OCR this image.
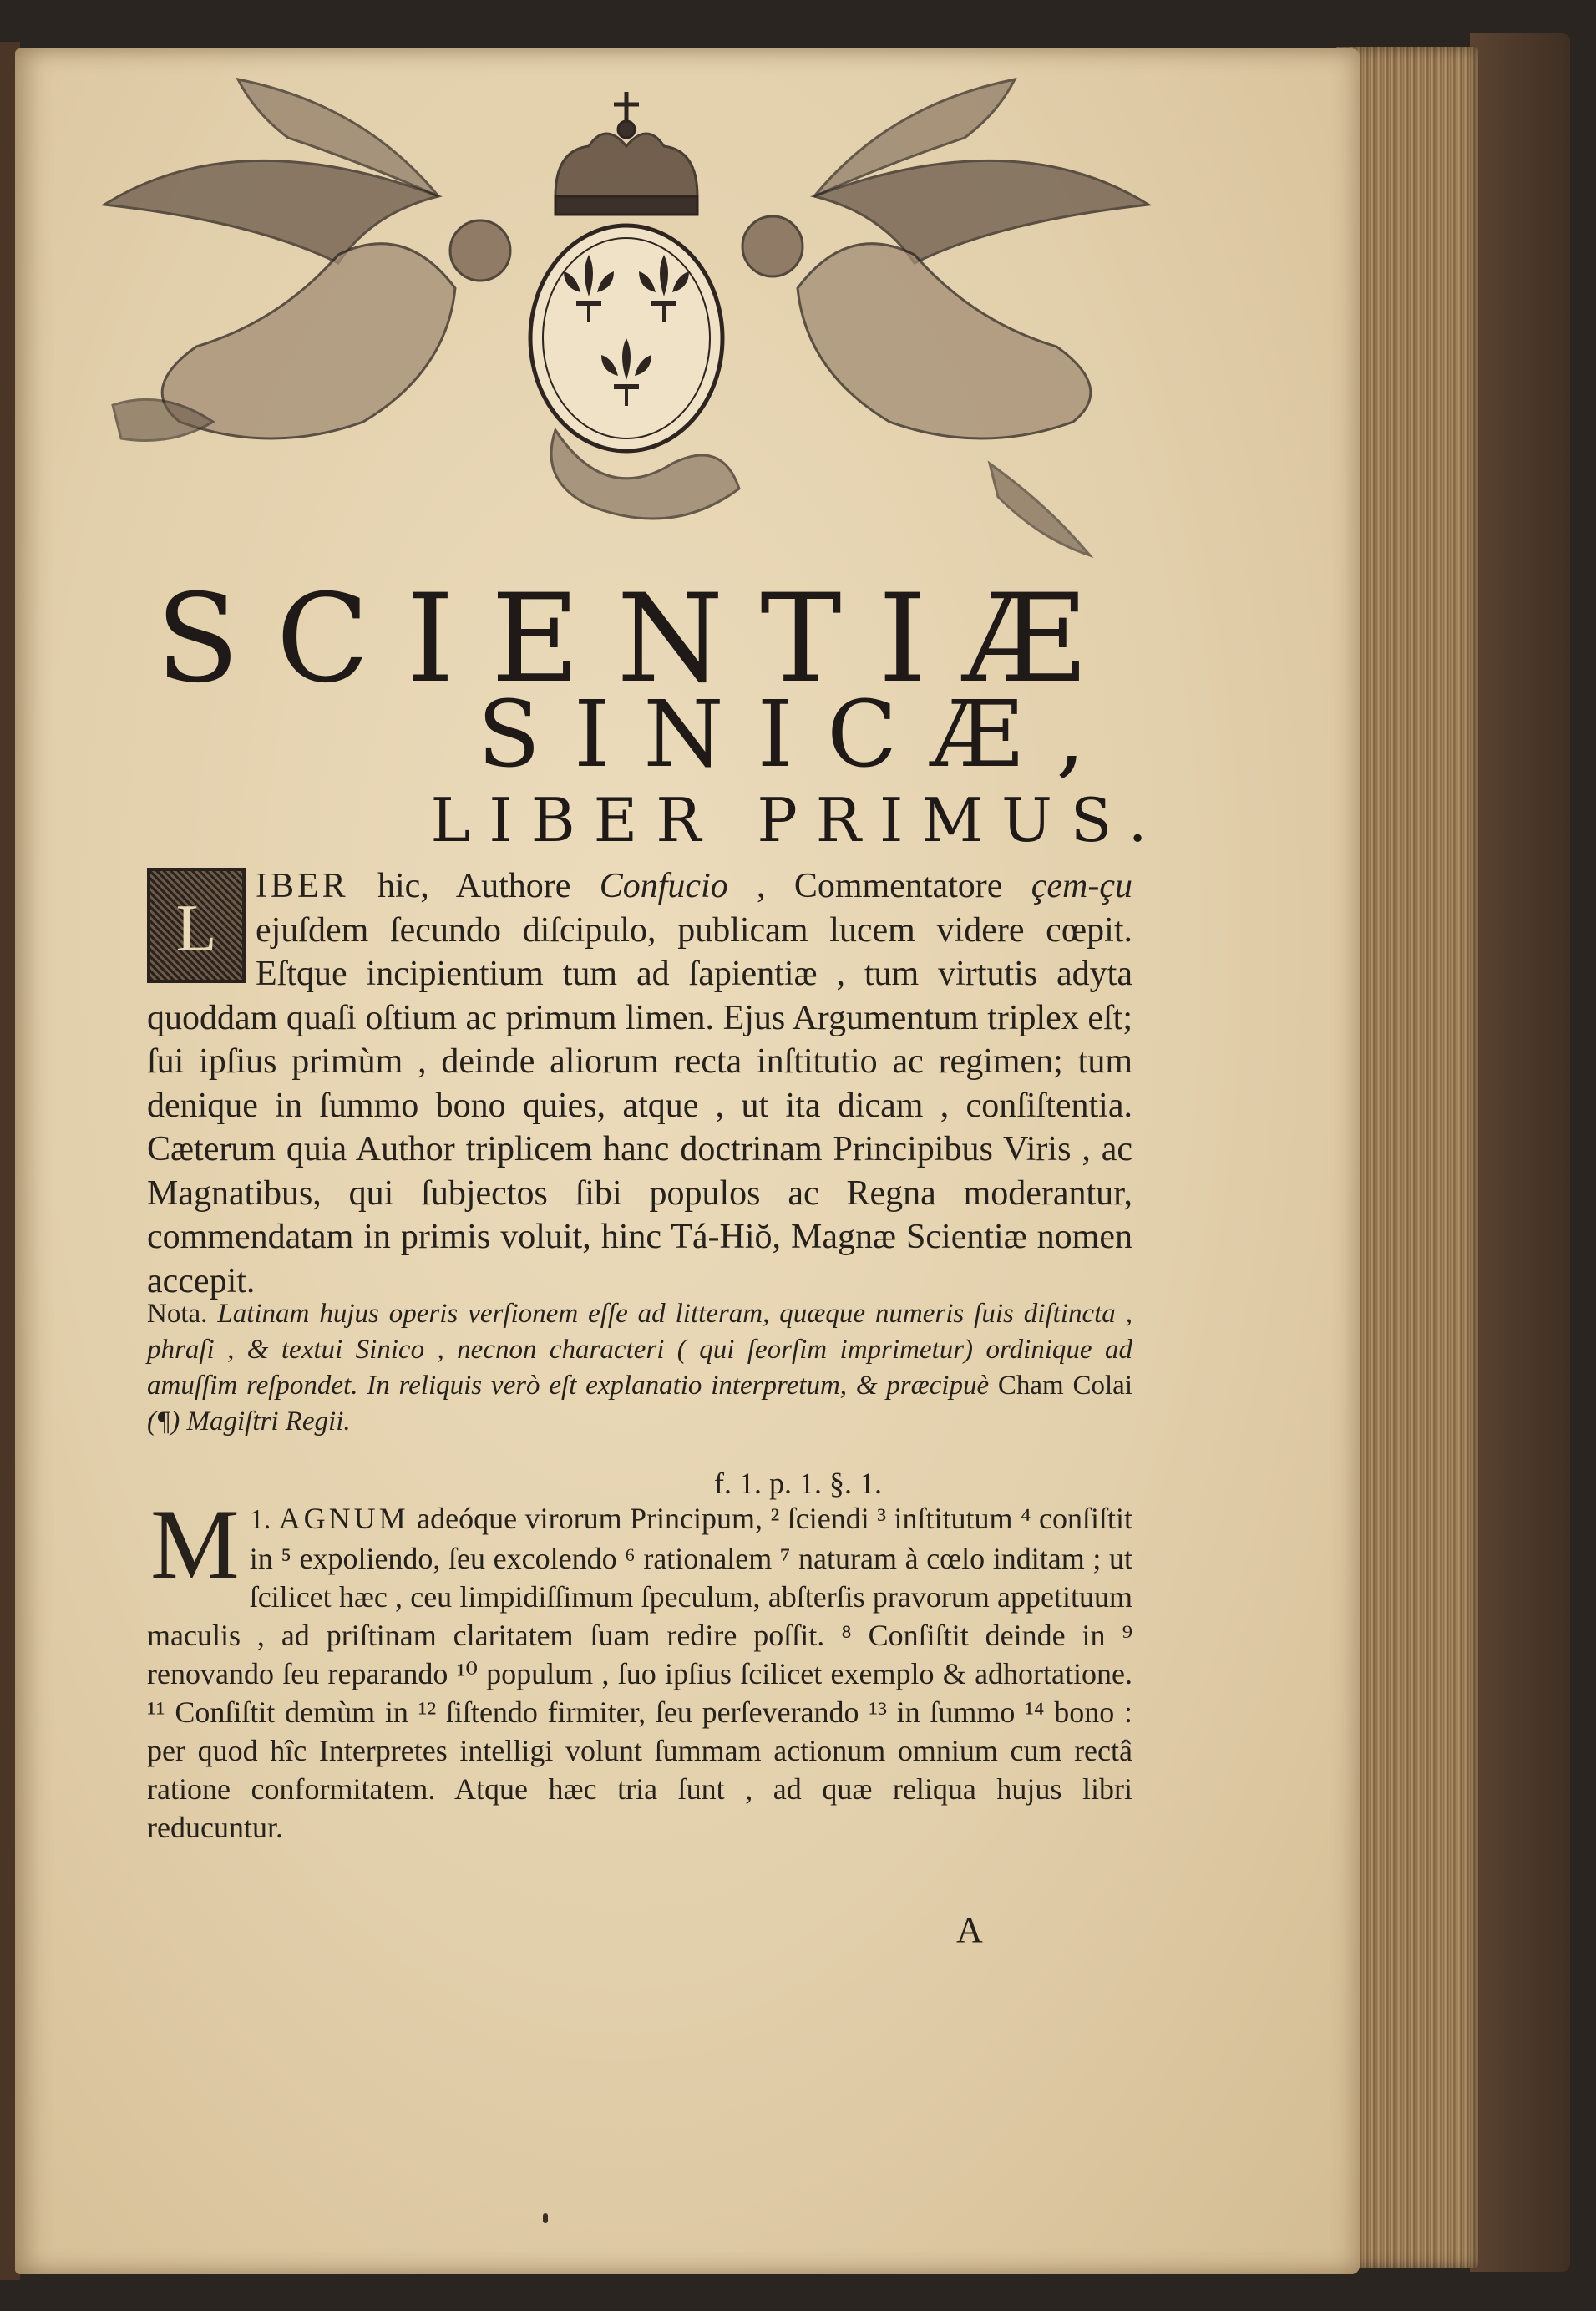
SCIENTIÆ
SINICÆ,
LIBER PRIMUS.
L
IBER hic, Authore Confucio , Commentatore çem-çu ejuſdem ſecundo diſcipulo, publicam lucem videre cœpit. Eſtque incipientium tum ad ſapientiæ , tum virtutis adyta quoddam quaſi oſtium ac primum limen. Ejus Argumentum triplex eſt; ſui ipſius primùm , deinde aliorum recta inſtitutio ac regimen; tum denique in ſummo bono quies, atque , ut ita dicam , conſiſtentia. Cæterum quia Author triplicem hanc doctrinam Principibus Viris , ac Magnatibus, qui ſubjectos ſibi populos ac Regna moderantur, commendatam in primis voluit, hinc Tá-Hiŏ, Magnæ Scientiæ nomen accepit.
Nota. Latinam hujus operis verſionem eſſe ad litteram, quæque numeris ſuis diſtincta , phraſi , & textui Sinico , necnon characteri ( qui ſeorſim imprimetur) ordinique ad amuſſim reſpondet. In reliquis verò eſt explanatio interpretum, & præcipuè Cham Colai (¶) Magiſtri Regii.
f. 1. p. 1. §. 1.
1.
M AGNUM adeóque virorum Principum, ² ſciendi ³ inſtitutum ⁴ conſiſtit in ⁵ expoliendo, ſeu excolendo ⁶ rationalem ⁷ naturam à cœlo inditam ; ut ſcilicet hæc , ceu limpidiſſimum ſpeculum, abſterſis pravorum appetituum maculis , ad priſtinam claritatem ſuam redire poſſit. ⁸ Conſiſtit deinde in ⁹ renovando ſeu reparando ¹⁰ populum , ſuo ipſius ſcilicet exemplo & adhortatione. ¹¹ Conſiſtit demùm in ¹² ſiſtendo firmiter, ſeu perſeverando ¹³ in ſummo ¹⁴ bono : per quod hîc Interpretes intelligi volunt ſummam actionum omnium cum rectâ ratione conformitatem. Atque hæc tria ſunt , ad quæ reliqua hujus libri reducuntur.
A
